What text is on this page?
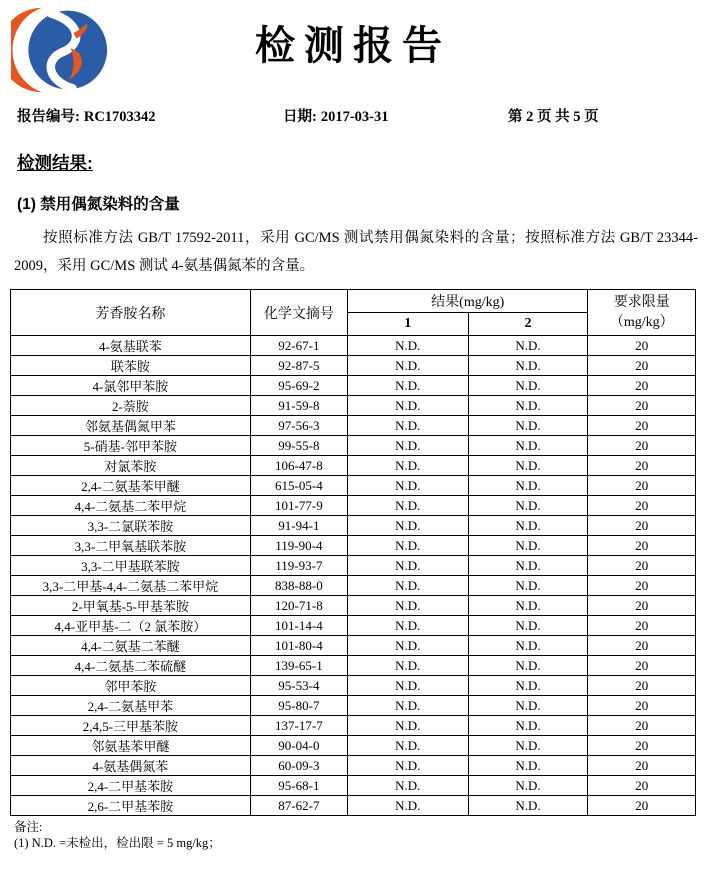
检测报告
报告编号: RC1703342	日期: 2017-03-31	第 2 页 共 5 页
检测结果:
(1) 禁用偶氮染料的含量
按照标准方法 GB/T 17592-2011，采用 GC/MS 测试禁用偶氮染料的含量；按照标准方法 GB/T 23344-2009，采用 GC/MS 测试 4-氨基偶氮苯的含量。
芳香胺名称	化学文摘号	结果(mg/kg)		要求限量
（mg/kg）

		1	2	
4-氨基联苯	92-67-1	N.D.	N.D.	20
联苯胺	92-87-5	N.D.	N.D.	20
4-氯邻甲苯胺	95-69-2	N.D.	N.D.	20
2-萘胺	91-59-8	N.D.	N.D.	20
邻氨基偶氮甲苯	97-56-3	N.D.	N.D.	20
5-硝基-邻甲苯胺	99-55-8	N.D.	N.D.	20
对氯苯胺	106-47-8	N.D.	N.D.	20
2,4-二氨基苯甲醚	615-05-4	N.D.	N.D.	20
4,4-二氨基二苯甲烷	101-77-9	N.D.	N.D.	20
3,3-二氯联苯胺	91-94-1	N.D.	N.D.	20
3,3-二甲氧基联苯胺	119-90-4	N.D.	N.D.	20
3,3-二甲基联苯胺	119-93-7	N.D.	N.D.	20
3,3-二甲基-4,4-二氨基二苯甲烷	838-88-0	N.D.	N.D.	20
2-甲氧基-5-甲基苯胺	120-71-8	N.D.	N.D.	20
4,4-亚甲基-二（2 氯苯胺）	101-14-4	N.D.	N.D.	20
4,4-二氨基二苯醚	101-80-4	N.D.	N.D.	20
4,4-二氨基二苯硫醚	139-65-1	N.D.	N.D.	20
邻甲苯胺	95-53-4	N.D.	N.D.	20
2,4-二氨基甲苯	95-80-7	N.D.	N.D.	20
2,4,5-三甲基苯胺	137-17-7	N.D.	N.D.	20
邻氨基苯甲醚	90-04-0	N.D.	N.D.	20
4-氨基偶氮苯	60-09-3	N.D.	N.D.	20
2,4-二甲基苯胺	95-68-1	N.D.	N.D.	20
2,6-二甲基苯胺	87-62-7	N.D.	N.D.	20
备注:
(1) N.D. =未检出，检出限 = 5 mg/kg；
